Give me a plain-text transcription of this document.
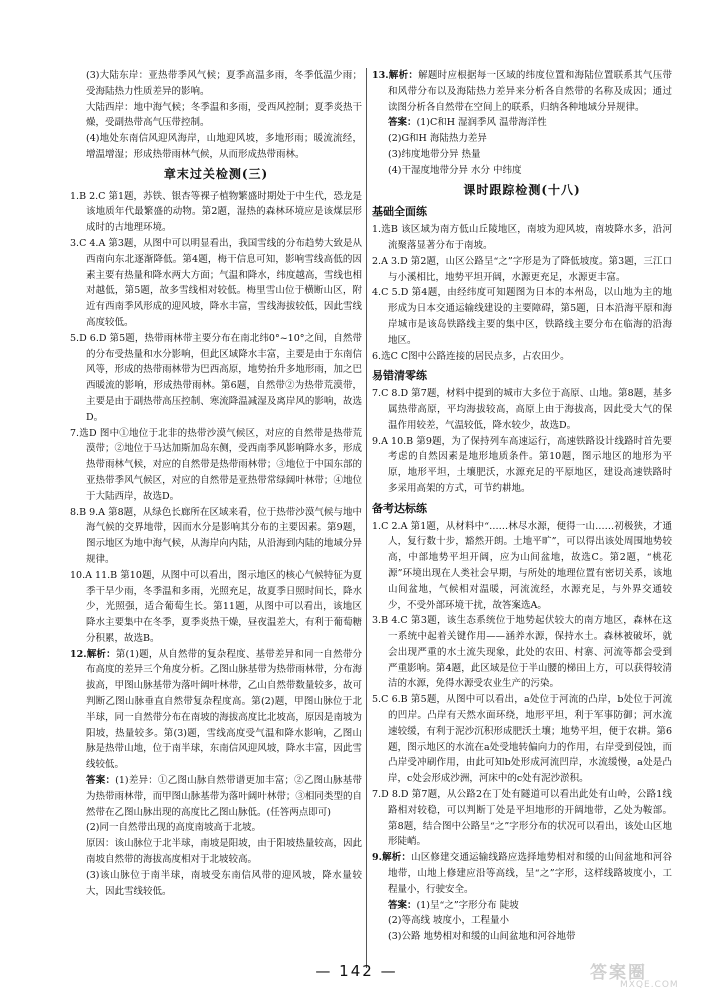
(3)大陆东岸：亚热带季风气候；夏季高温多雨，冬季低温少雨；受海陆热力性质差异的影响。

大陆西岸：地中海气候；冬季温和多雨，受西风控制；夏季炎热干燥，受副热带高气压带控制。

(4)地处东南信风迎风海岸，山地迎风坡，多地形雨；暖流流经，增温增湿；形成热带雨林气候，从而形成热带雨林。

章末过关检测(三)

1.B 2.C 第1题，苏铁、银杏等裸子植物繁盛时期处于中生代，恐龙是该地质年代最繁盛的动物。第2题，湿热的森林环境应是该煤层形成时的古地理环境。

3.C 4.A 第3题，从图中可以明显看出，我国雪线的分布趋势大致是从西南向东北逐渐降低。第4题，梅干信息可知，影响雪线高低的因素主要有热量和降水两大方面；气温和降水，纬度越高，雪线也相对越低，第5题，故多雪线相对较低。梅里雪山位于横断山区，附近有西南季风形成的迎风坡，降水丰富，雪线海拔较低，因此雪线高度较低。

5.D 6.D 第5题，热带雨林带主要分布在南北纬0°~10°之间，自然带的分布受热量和水分影响，但此区域降水丰富，主要是由于东南信风等，形成的热带雨林带为巴西高原，地势抬升多地形雨，加之巴西暖流的影响，形成热带雨林。第6题，自然带②为热带荒漠带，主要是由于副热带高压控制、寒流降温减湿及离岸风的影响，故选D。

7.选D 图中①地位于北非的热带沙漠气候区，对应的自然带是热带荒漠带；②地位于马达加斯加岛东侧，受西南季风影响降水多，形成热带雨林气候，对应的自然带是热带雨林带；③地位于中国东部的亚热带季风气候区，对应的自然带是亚热带常绿阔叶林带；④地位于大陆西岸，故选D。

8.B 9.A 第8题，从绿色长廊所在区域来看，位于热带沙漠气候与地中海气候的交界地带，因而水分是影响其分布的主要因素。第9题，图示地区为地中海气候，从海岸向内陆，从沿海到内陆的地域分异规律。

10.A 11.B 第10题，从图中可以看出，图示地区的核心气候特征为夏季干旱少雨，冬季温和多雨，光照充足，故夏季日照时间长，降水少，光照强，适合葡萄生长。第11题，从图中可以看出，该地区降水主要集中在冬季，夏季炎热干燥，昼夜温差大，有利于葡萄糖分积累，故选B。

12.解析：第(1)题，从自然带的复杂程度、基带差异和同一自然带分布高度的差异三个角度分析。乙图山脉基带为热带雨林带，分布海拔高，甲图山脉基带为落叶阔叶林带，乙山自然带数量较多，故可判断乙图山脉垂直自然带复杂程度高。第(2)题，甲图山脉位于北半球，同一自然带分布在南坡的海拔高度比北坡高，原因是南坡为阳坡，热量较多。第(3)题，雪线高度受气温和降水影响，乙图山脉是热带山地，位于南半球，东南信风迎风坡，降水丰富，因此雪线较低。

答案：(1)差异：①乙图山脉自然带谱更加丰富；②乙图山脉基带为热带雨林带，而甲图山脉基带为落叶阔叶林带；③相同类型的自然带在乙图山脉出现的高度比乙图山脉低。(任答两点即可)

(2)同一自然带出现的高度南坡高于北坡。

原因：该山脉位于北半球，南坡是阳坡，由于阳坡热量较高，因此南坡自然带的海拔高度相对于北坡较高。

(3)该山脉位于南半球，南坡受东南信风带的迎风坡，降水量较大，因此雪线较低。

13.解析：解题时应根据每一区域的纬度位置和海陆位置联系其气压带和风带分布以及海陆热力差异来分析各自然带的名称及成因；通过读图分析各自然带在空间上的联系，归纳各种地域分异规律。

答案：(1)C和H 湿润季风 温带海洋性

(2)G和H 海陆热力差异

(3)纬度地带分异 热量

(4)干湿度地带分异 水分 中纬度

课时跟踪检测(十八)
基础全面练

1.选B 该区域为南方低山丘陵地区，南坡为迎风坡，南坡降水多，沿河流聚落显著分布于南坡。

2.A 3.D 第2题，山区公路呈“之”字形是为了降低坡度。第3题，三江口与小溪相比，地势平坦开阔，水源更充足，水源更丰富。

4.C 5.D 第4题，由经纬度可知题图为日本的本州岛，以山地为主的地形成为日本交通运输线建设的主要障碍，第5题，日本沿海平原和海岸城市是该岛铁路线主要的集中区，铁路线主要分布在临海的沿海地区。

6.选C C图中公路连接的居民点多，占农田少。

易错清零练

7.C 8.D 第7题，材料中提到的城市大多位于高原、山地。第8题，基多属热带高原，平均海拔较高，高原上由于海拔高，因此受大气的保温作用较差，气温较低，降水较少，故选D。

9.A 10.B 第9题，为了保持列车高速运行，高速铁路设计线路时首先要考虑的自然因素是地形地质条件。第10题，图示地区的地形为平原，地形平坦，土壤肥沃，水源充足的平原地区，建设高速铁路时多采用高架的方式，可节约耕地。

备考达标练

1.C 2.A 第1题，从材料中“……林尽水源，便得一山……初极狭，才通人，复行数十步，豁然开朗。土地平旷”，可以得出该处周围地势较高，中部地势平坦开阔，应为山间盆地，故选C。第2题，“桃花源”环境出现在人类社会早期，与所处的地理位置有密切关系，该地山间盆地，气候相对温暖，河流流经，水源充足，与外界交通较少，不受外部环境干扰，故答案选A。

3.B 4.C 第3题，该生态系统位于地势起伏较大的南方地区，森林在这一系统中起着关键作用——涵养水源，保持水土。森林被破坏，就会出现严重的水土流失现象，此处的农田、村寨、河流等都会受到严重影响。第4题，此区域是位于半山腰的梯田上方，可以获得较清洁的水源，免得水源受农业生产的污染。

5.C 6.B 第5题，从图中可以看出，a处位于河流的凸岸，b处位于河流的凹岸。凸岸有天然水面环绕，地形平坦，利于军事防御；河水流速较缓，有利于泥沙沉积形成肥沃土壤；地势平坦，便于农耕。第6题，图示地区的水流在a处受地转偏向力的作用，右岸受到侵蚀，而凸岸受冲刷作用，由此可知b处形成河流凹岸，水流缓慢，a处是凸岸，c处会形成沙洲，河床中的c处有泥沙淤积。

7.D 8.D 第7题，从公路2在丁处有隧道可以看出此处有山岭，公路1线路相对较稳，可以判断丁处是平坦地形的开阔地带，乙处为鞍部。第8题，结合图中公路呈“之”字形分布的状况可以看出，该处山区地形陡峭。

9.解析：山区修建交通运输线路应选择地势相对和缓的山间盆地和河谷地带，山地上修建应沿等高线，呈“之”字形，这样线路坡度小，工程量小，行驶安全。

答案：(1)呈“之”字形分布 陡坡

(2)等高线 坡度小，工程量小

(3)公路 地势相对和缓的山间盆地和河谷地带

— 142 —	答案圈
MXQE.COM
